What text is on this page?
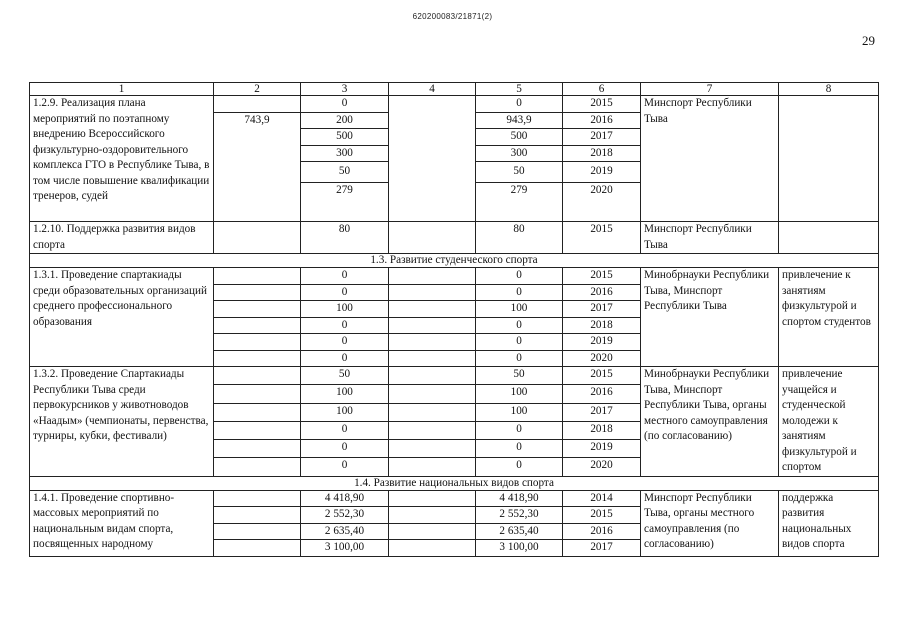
620200083/21871(2)
29
1	2	3	4	5	6	7	8
1.2.9. Реализация плана мероприятий по поэтапному внедрению Всероссийского физкультурно-оздоровительного комплекса ГТО в Республике Тыва, в том числе повышение квалификации тренеров, судей		0		0	2015	Минспорт Республики Тыва	
	743,9	200		943,9	2016		
		500		500	2017		
		300		300	2018		
		50		50	2019		
		279		279	2020		
1.2.10. Поддержка развития видов спорта		80		80	2015	Минспорт Республики Тыва	
1.3. Развитие студенческого спорта							
1.3.1. Проведение спартакиады среди образовательных организаций среднего профессионального образования		0		0	2015	Минобрнауки Республики Тыва, Минспорт Республики Тыва	привлечение к занятиям физкультурой и спортом студентов
		0		0	2016		
		100		100	2017		
		0		0	2018		
		0		0	2019		
		0		0	2020		
1.3.2. Проведение Спартакиады Республики Тыва среди первокурсников у животноводов «Наадым» (чемпионаты, первенства, турниры, кубки, фестивали)		50		50	2015	Минобрнауки Республики Тыва, Минспорт Республики Тыва, органы местного самоуправления (по согласованию)	привлечение учащейся и студенческой молодежи к занятиям физкультурой и спортом
		100		100	2016		
		100		100	2017		
		0		0	2018		
		0		0	2019		
		0		0	2020		
1.4. Развитие национальных видов спорта							
1.4.1. Проведение спортивно-массовых мероприятий по национальным видам спорта, посвященных народному		4 418,90		4 418,90	2014	Минспорт Республики Тыва, органы местного самоуправления (по согласованию)	поддержка развития национальных видов спорта
		2 552,30		2 552,30	2015		
		2 635,40		2 635,40	2016		
		3 100,00		3 100,00	2017		
